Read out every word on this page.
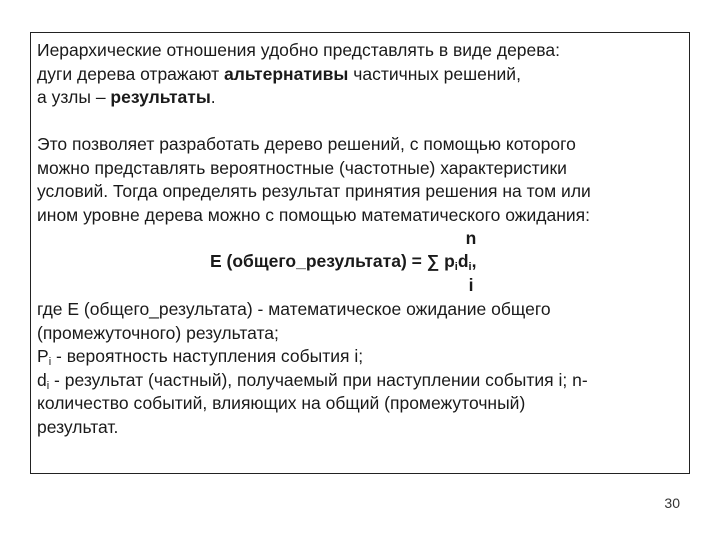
Иерархические отношения удобно представлять в виде дерева:
дуги дерева отражают альтернативы частичных решений,
а узлы – результаты.
Это позволяет разработать дерево решений, с помощью которого
можно представлять вероятностные (частотные) характеристики
условий. Тогда определять результат принятия решения на том или
ином уровне дерева можно с помощью математического ожидания:
n
E (общего_результата) = ∑ $p_id_i$,
i
где E (общего_результата) - математическое ожидание общего
(промежуточного) результата;
$P_i$ - вероятность наступления события i;
$d_i$ - результат (частный), получаемый при наступлении события i; n-
количество событий, влияющих на общий (промежуточный)
результат.
30
